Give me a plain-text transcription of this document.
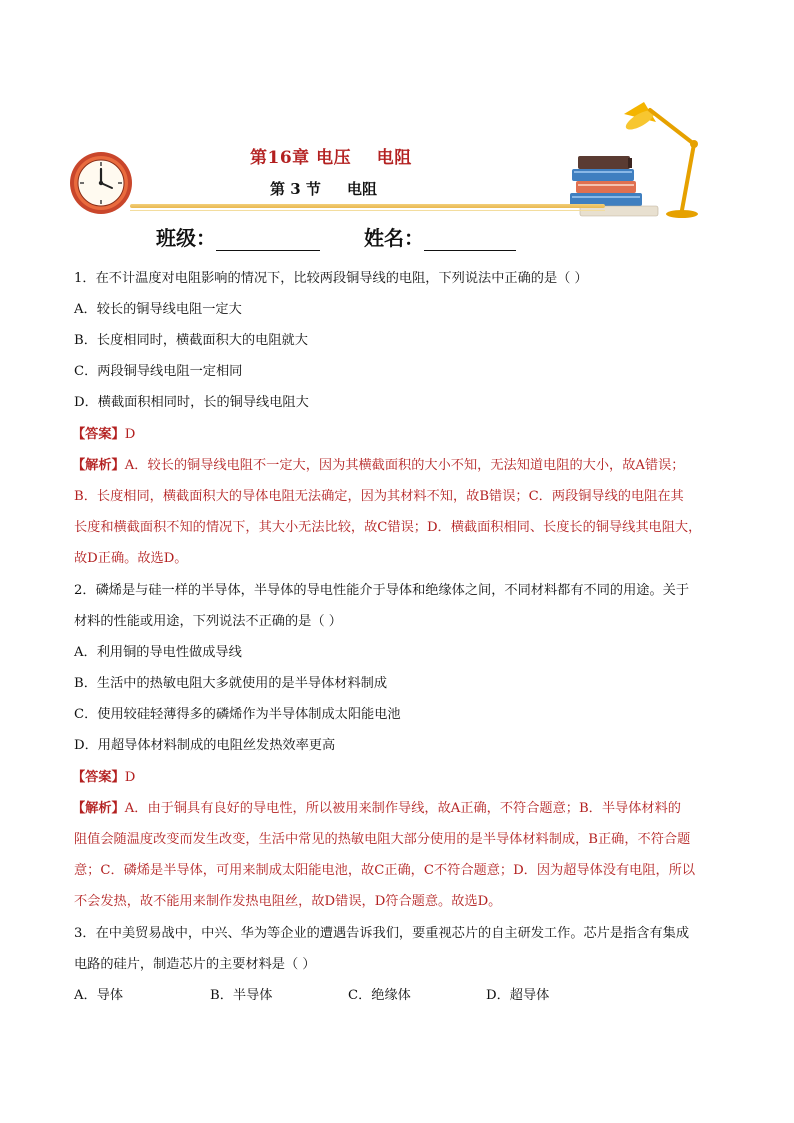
第16章 电压    电阻
第 3 节     电阻
班级：	姓名：
1．在不计温度对电阻影响的情况下，比较两段铜导线的电阻，下列说法中正确的是（ ）
A．较长的铜导线电阻一定大
B．长度相同时，横截面积大的电阻就大
C．两段铜导线电阻一定相同
D．横截面积相同时，长的铜导线电阻大
【答案】D
【解析】A．较长的铜导线电阻不一定大，因为其横截面积的大小不知，无法知道电阻的大小，故A错误；
B．长度相同，横截面积大的导体电阻无法确定，因为其材料不知，故B错误；C．两段铜导线的电阻在其
长度和横截面积不知的情况下，其大小无法比较，故C错误；D．横截面积相同、长度长的铜导线其电阻大，
故D正确。故选D。
2．磷烯是与硅一样的半导体，半导体的导电性能介于导体和绝缘体之间，不同材料都有不同的用途。关于
材料的性能或用途，下列说法不正确的是（ ）
A．利用铜的导电性做成导线
B．生活中的热敏电阻大多就使用的是半导体材料制成
C．使用较硅轻薄得多的磷烯作为半导体制成太阳能电池
D．用超导体材料制成的电阻丝发热效率更高
【答案】D
【解析】A．由于铜具有良好的导电性，所以被用来制作导线，故A正确，不符合题意；B．半导体材料的
阻值会随温度改变而发生改变，生活中常见的热敏电阻大部分使用的是半导体材料制成，B正确，不符合题
意；C．磷烯是半导体，可用来制成太阳能电池，故C正确，C不符合题意；D．因为超导体没有电阻，所以
不会发热，故不能用来制作发热电阻丝，故D错误，D符合题意。故选D。
3．在中美贸易战中，中兴、华为等企业的遭遇告诉我们，要重视芯片的自主研发工作。芯片是指含有集成
电路的硅片，制造芯片的主要材料是（ ）
A．导体	B．半导体	C．绝缘体	D．超导体
